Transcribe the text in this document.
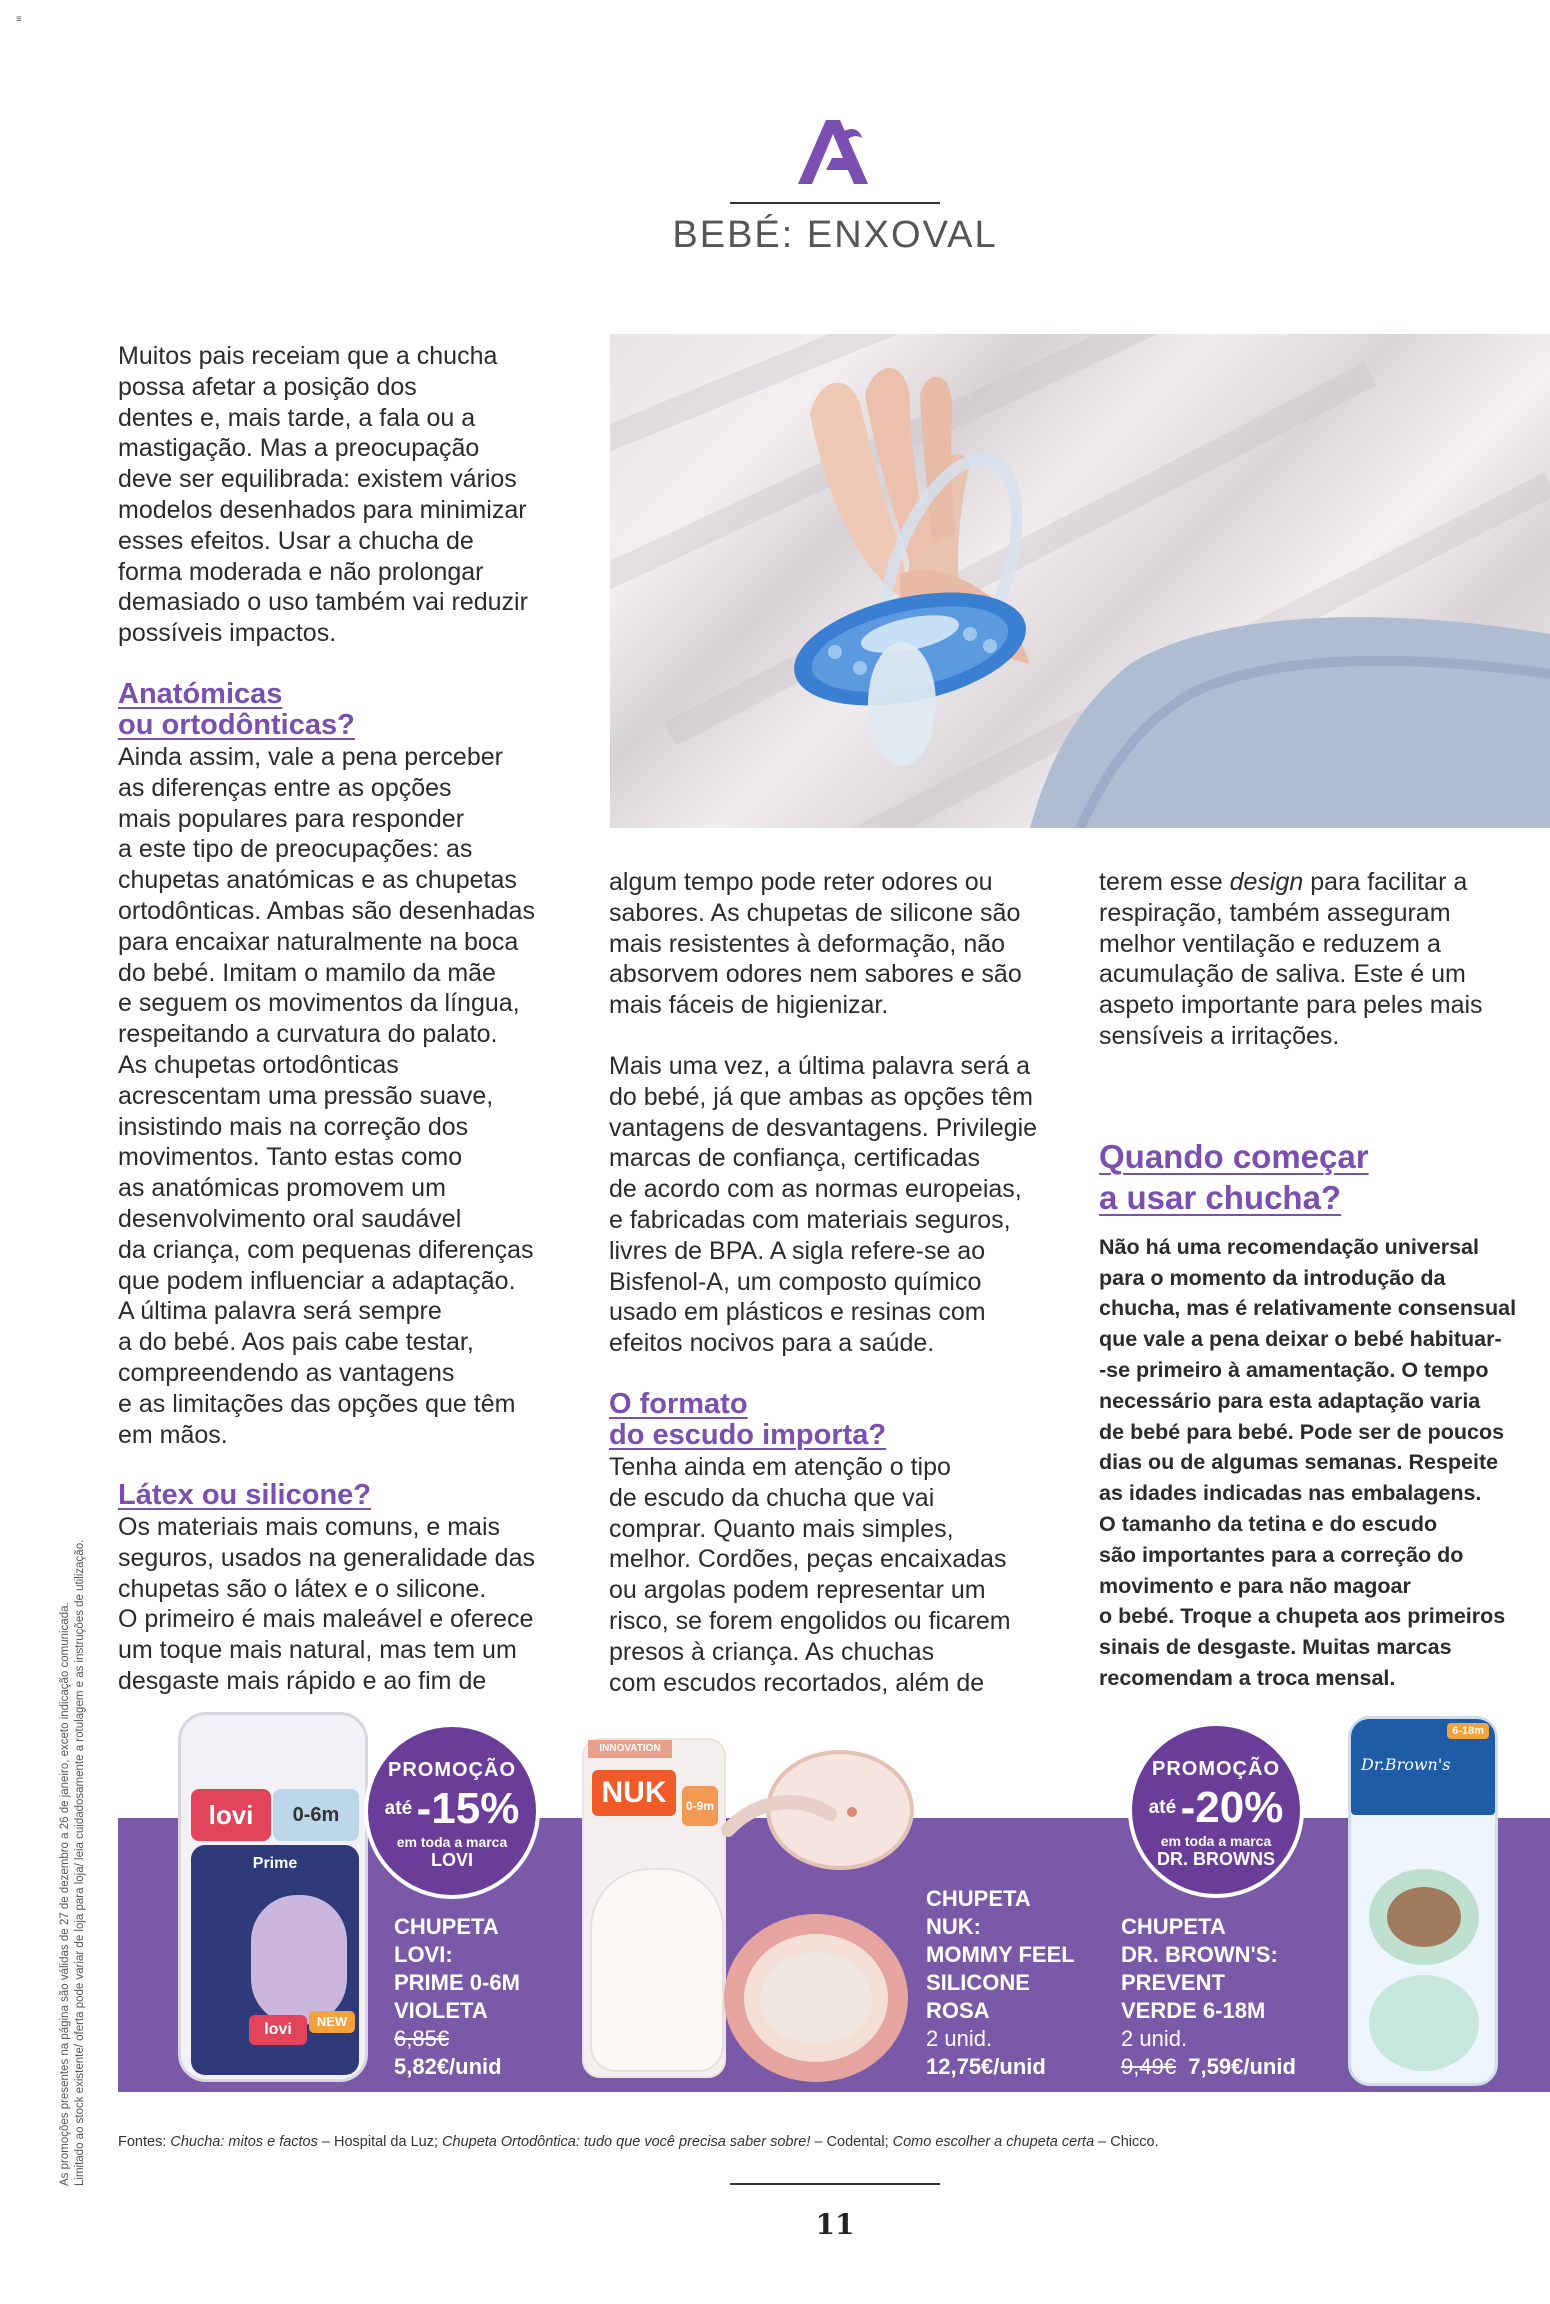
≡
BEBÉ: ENXOVAL

Muitos pais receiam que a chucha
possa afetar a posição dos
dentes e, mais tarde, a fala ou a
mastigação. Mas a preocupação
deve ser equilibrada: existem vários
modelos desenhados para minimizar
esses efeitos. Usar a chucha de
forma moderada e não prolongar
demasiado o uso também vai reduzir
possíveis impactos.

Anatómicas
ou ortodônticas?

Ainda assim, vale a pena perceber
as diferenças entre as opções
mais populares para responder
a este tipo de preocupações: as
chupetas anatómicas e as chupetas
ortodônticas. Ambas são desenhadas
para encaixar naturalmente na boca
do bebé. Imitam o mamilo da mãe
e seguem os movimentos da língua,
respeitando a curvatura do palato.
As chupetas ortodônticas
acrescentam uma pressão suave,
insistindo mais na correção dos
movimentos. Tanto estas como
as anatómicas promovem um
desenvolvimento oral saudável
da criança, com pequenas diferenças
que podem influenciar a adaptação.
A última palavra será sempre
a do bebé. Aos pais cabe testar,
compreendendo as vantagens
e as limitações das opções que têm
em mãos.

Látex ou silicone?

Os materiais mais comuns, e mais
seguros, usados na generalidade das
chupetas são o látex e o silicone.
O primeiro é mais maleável e oferece
um toque mais natural, mas tem um
desgaste mais rápido e ao fim de

algum tempo pode reter odores ou
sabores. As chupetas de silicone são
mais resistentes à deformação, não
absorvem odores nem sabores e são
mais fáceis de higienizar.

Mais uma vez, a última palavra será a
do bebé, já que ambas as opções têm
vantagens de desvantagens. Privilegie
marcas de confiança, certificadas
de acordo com as normas europeias,
e fabricadas com materiais seguros,
livres de BPA. A sigla refere-se ao
Bisfenol-A, um composto químico
usado em plásticos e resinas com
efeitos nocivos para a saúde.

O formato
do escudo importa?

Tenha ainda em atenção o tipo
de escudo da chucha que vai
comprar. Quanto mais simples,
melhor. Cordões, peças encaixadas
ou argolas podem representar um
risco, se forem engolidos ou ficarem
presos à criança. As chuchas
com escudos recortados, além de

terem esse design para facilitar a
respiração, também asseguram
melhor ventilação e reduzem a
acumulação de saliva. Este é um
aspeto importante para peles mais
sensíveis a irritações.

Quando começar
a usar chucha?

Não há uma recomendação universal
para o momento da introdução da
chucha, mas é relativamente consensual
que vale a pena deixar o bebé habituar-
-se primeiro à amamentação. O tempo
necessário para esta adaptação varia
de bebé para bebé. Pode ser de poucos
dias ou de algumas semanas. Respeite
as idades indicadas nas embalagens.
O tamanho da tetina e do escudo
são importantes para a correção do
movimento e para não magoar
o bebé. Troque a chupeta aos primeiros
sinais de desgaste. Muitas marcas
recomendam a troca mensal.

lovi	0-6m
Prime
lovi	NEW
PROMOÇÃO
até -15%
em toda a marca
LOVI
CHUPETA
LOVI:
PRIME 0-6M
VIOLETA
6,85€
5,82€/unid
INNOVATION
NUK	0-9m
CHUPETA
NUK:
MOMMY FEEL
SILICONE
ROSA
2 unid.
12,75€/unid
PROMOÇÃO
até -20%
em toda a marca
DR. BROWNS
CHUPETA
DR. BROWN'S:
PREVENT
VERDE 6-18M
2 unid.
9,49€ 7,59€/unid
Dr.Brown's
6-18m
As promoções presentes na página são válidas de 27 de dezembro a 26 de janeiro, exceto indicação comunicada. Limitado ao stock existente/ oferta pode variar de loja para loja/ leia cuidadosamente a rotulagem e as instruções de utilização. Fontes: Chucha: mitos e factos – Hospital da Luz; Chupeta Ortodôntica: tudo que você precisa saber sobre! – Codental; Como escolher a chupeta certa – Chicco.
11
